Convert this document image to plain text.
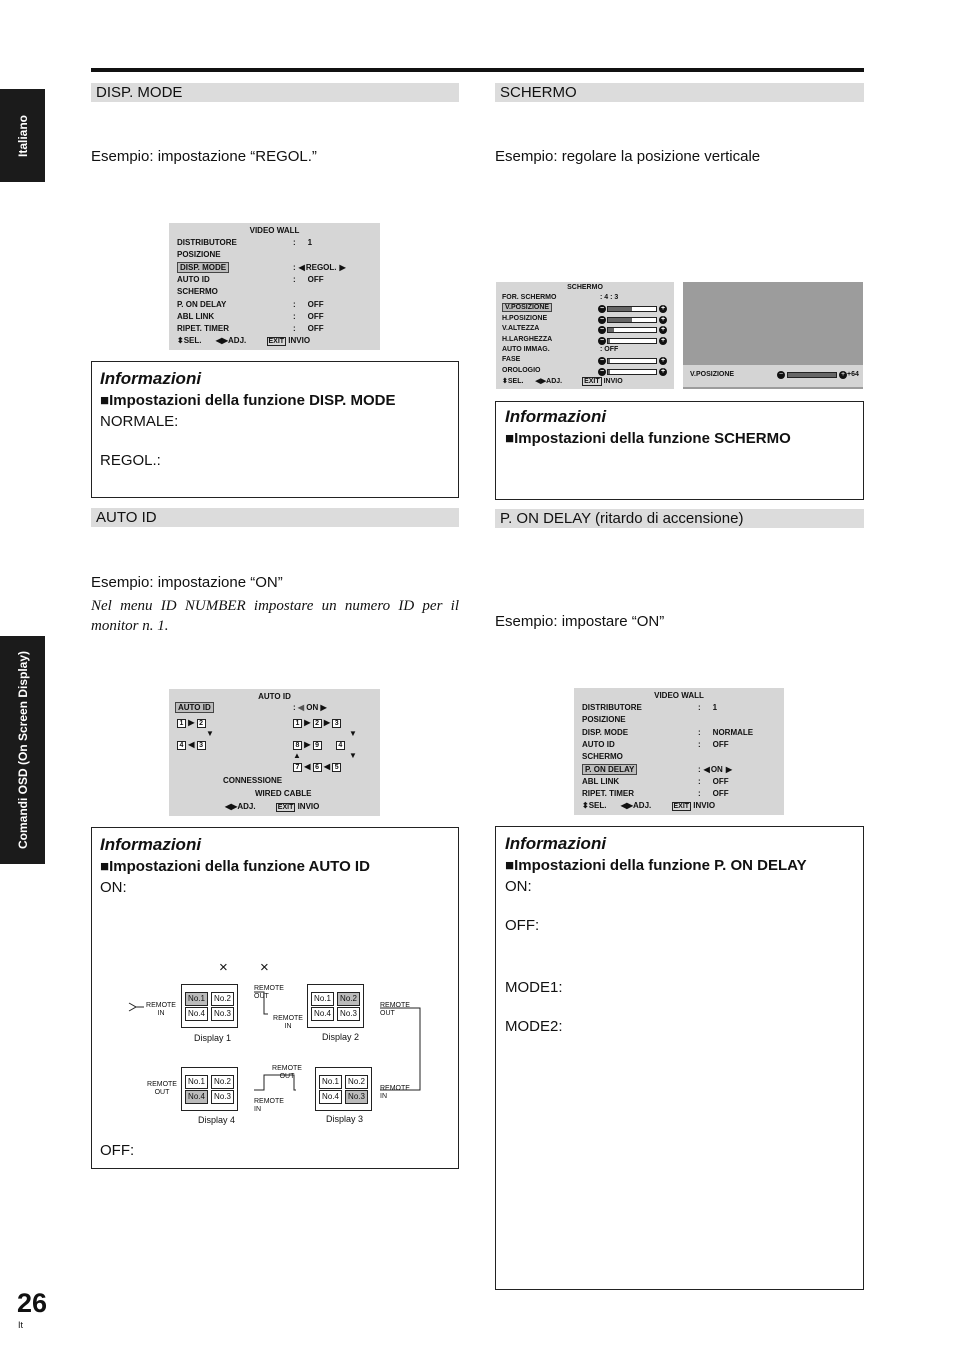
Italiano
Comandi OSD (On Screen Display)
DISP. MODE
Esempio: impostazione “REGOL.”
VIDEO WALL
DISTRIBUTORE	: 1
POSIZIONE
DISP. MODE	: ◀REGOL. ▶
AUTO ID	: OFF
SCHERMO
P. ON DELAY	: OFF
ABL LINK	: OFF
RIPET. TIMER	: OFF
⬍SEL. ◀▶ADJ.	EXIT INVIO
Informazioni
■ Impostazioni della funzione DISP. MODE
NORMALE:
REGOL.:
AUTO ID
Esempio: impostazione “ON”
Nel menu ID NUMBER impostare un numero ID per il monitor n. 1.
AUTO ID
AUTO ID	: ◀ ON ▶
1 ▶ 2
▼
4 ◀ 3
1 ▶ 2 ▶ 3
▼
8 ▶ 9	4
▲	▼
7 ◀ 6 ◀ 5
CONNESSIONE
WIRED CABLE
◀▶ADJ.	EXIT INVIO
Informazioni
■ Impostazioni della funzione AUTO ID
ON:
× ×
OFF:
No.1	No.2
No.4	No.3
Display 1
No.1	No.2
No.4	No.3
Display 2
No.1	No.2
No.4	No.3
Display 4
No.1	No.2
No.4	No.3
Display 3
REMOTE IN
REMOTE OUT
REMOTE IN
REMOTE OUT
REMOTE OUT
REMOTE OUT
REMOTE IN
REMOTE IN
SCHERMO
Esempio: regolare la posizione verticale
SCHERMO
FOR. SCHERMO	: 4 : 3
V.POSIZIONE	−	+
H.POSIZIONE	−	+
V.ALTEZZA	−	+
H.LARGHEZZA	−	+
AUTO IMMAG.	: OFF
FASE	−	+
OROLOGIO	−	+
⬍SEL. ◀▶ADJ.	EXIT INVIO
V.POSIZIONE	−	+ +64
Informazioni
■ Impostazioni della funzione SCHERMO
P. ON DELAY (ritardo di accensione)
Esempio: impostare “ON”
VIDEO WALL
DISTRIBUTORE	: 1
POSIZIONE
DISP. MODE	: NORMALE
AUTO ID	: OFF
SCHERMO
P. ON DELAY	: ◀ON ▶
ABL LINK	: OFF
RIPET. TIMER	: OFF
⬍SEL. ◀▶ADJ.	EXIT INVIO
Informazioni
■ Impostazioni della funzione P. ON DELAY
ON:
OFF:
MODE1:
MODE2:
26
It
